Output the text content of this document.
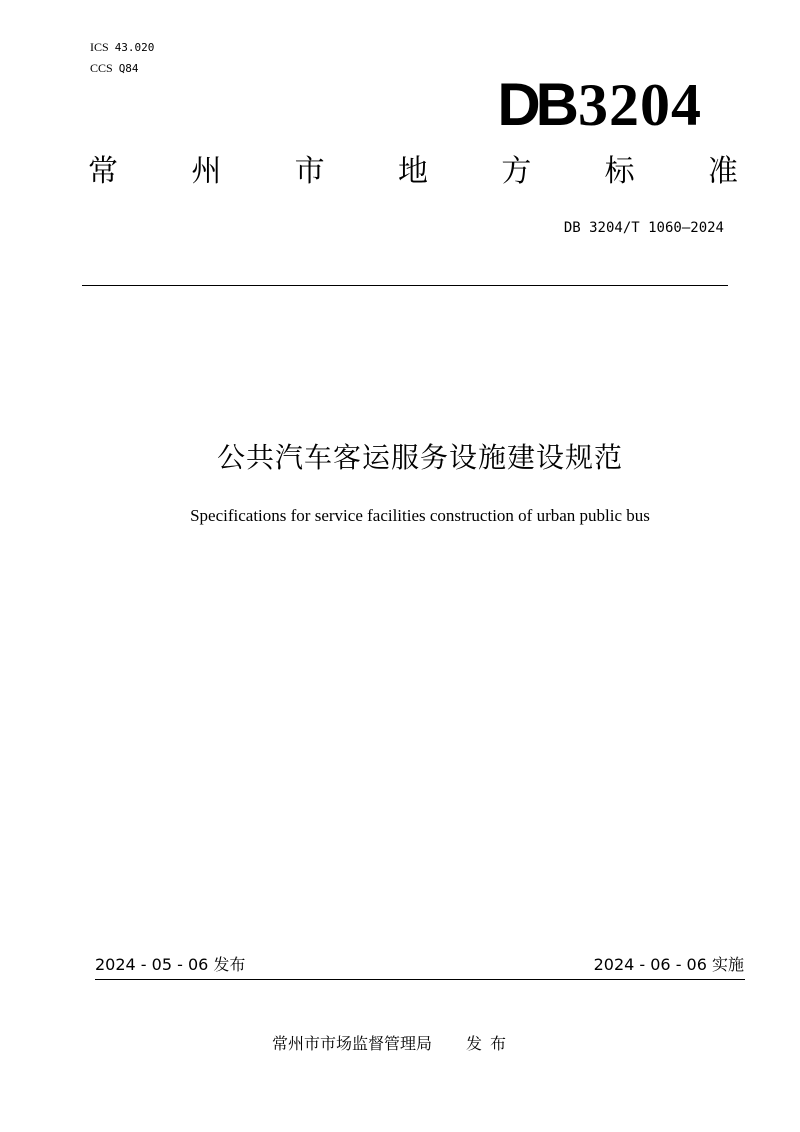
ICS 43.020
CCS Q84
DB3204
常 州 市 地 方 标 准
DB 3204/T 1060—2024
公共汽车客运服务设施建设规范
Specifications for service facilities construction of urban public bus
2024 - 05 - 06 发布	2024 - 06 - 06 实施
常州市市场监督管理局 发布
